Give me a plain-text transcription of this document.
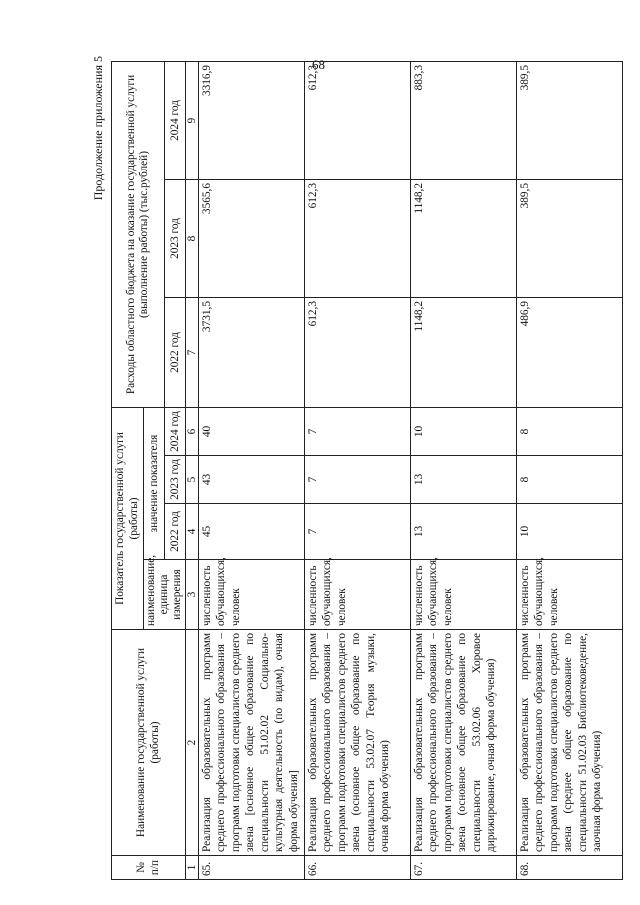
68
Продолжение приложения 5
№ п/п	Наименование государственной услуги (работы)	Показатель государственной услуги (работы)				Расходы областного бюджета на оказание государственной услуги (выполнение работы) (тыс.рублей)		
		наименование, единица измерения	значение показателя					
			2022 год	2023 год	2024 год	2022 год	2023 год	2024 год
1	2	3	4	5	6	7	8	9
65.	Реализация образовательных программ среднего профессионального образования – программ подготовки специалистов среднего звена [основное общее образование по специальности 51.02.02 Социально-культурная деятельность (по видам), очная форма обучения]	численность обучающихся, человек	45	43	40	3731,5	3565,6	3316,9
66.	Реализация образовательных программ среднего профессионального образования – программ подготовки специалистов среднего звена (основное общее образование по специальности 53.02.07 Теория музыки, очная форма обучения)	численность обучающихся, человек	7	7	7	612,3	612,3	612,3
67.	Реализация образовательных программ среднего профессионального образования – программ подготовки специалистов среднего звена (основное общее образование по специальности 53.02.06 Хоровое дирижирование, очная форма обучения)	численность обучающихся, человек	13	13	10	1148,2	1148,2	883,3
68.	Реализация образовательных программ среднего профессионального образования – программ подготовки специалистов среднего звена (среднее общее образование по специальности 51.02.03 Библиотековедение, заочная форма обучения)	численность обучающихся, человек	10	8	8	486,9	389,5	389,5
